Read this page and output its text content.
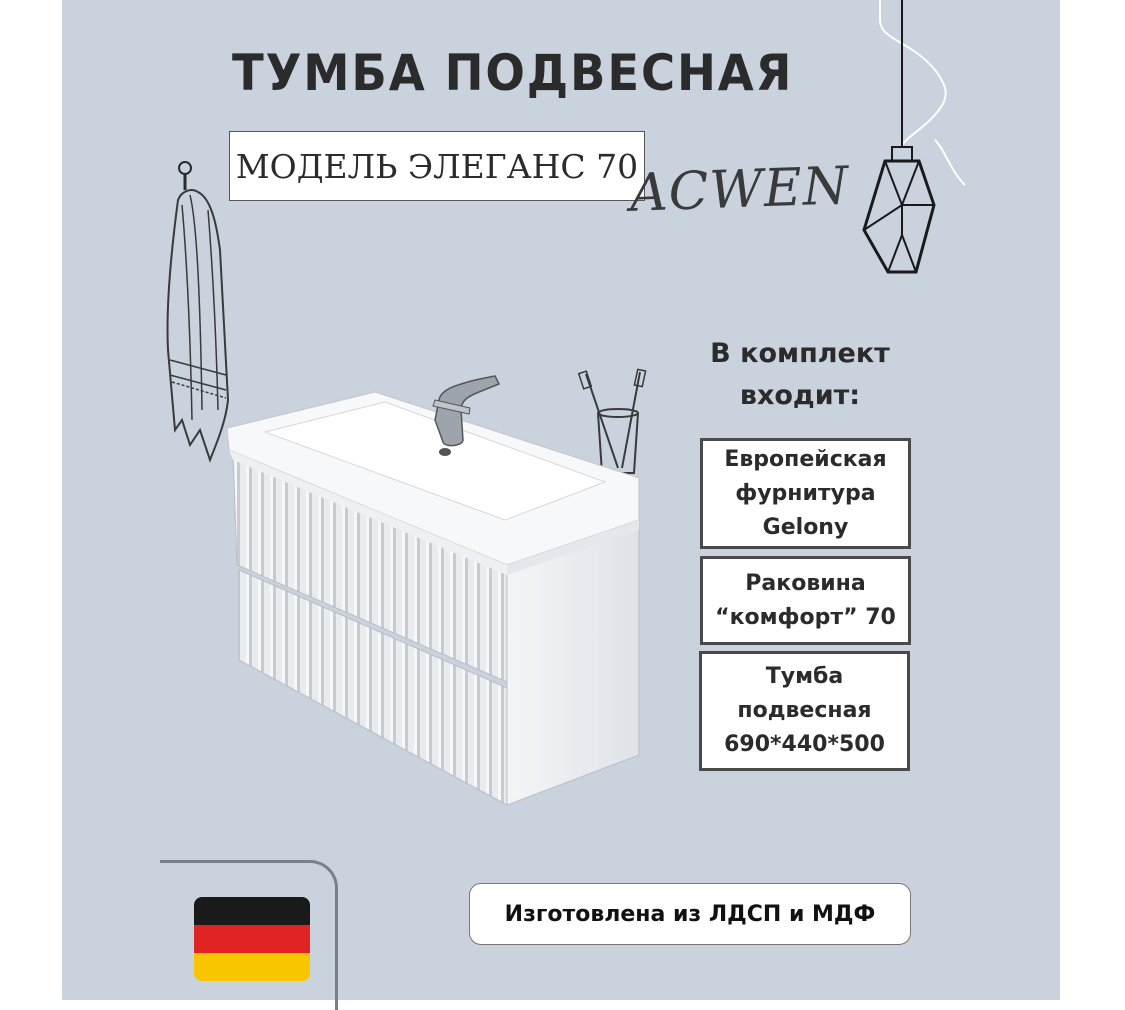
ТУМБА ПОДВЕСНАЯ
МОДЕЛЬ ЭЛЕГАНС 70
ACWEN
В комплект входит:
Европейская фурнитура Gelony
Раковина “комфорт” 70
Тумба подвесная 690*440*500
Изготовлена из ЛДСП и МДФ
